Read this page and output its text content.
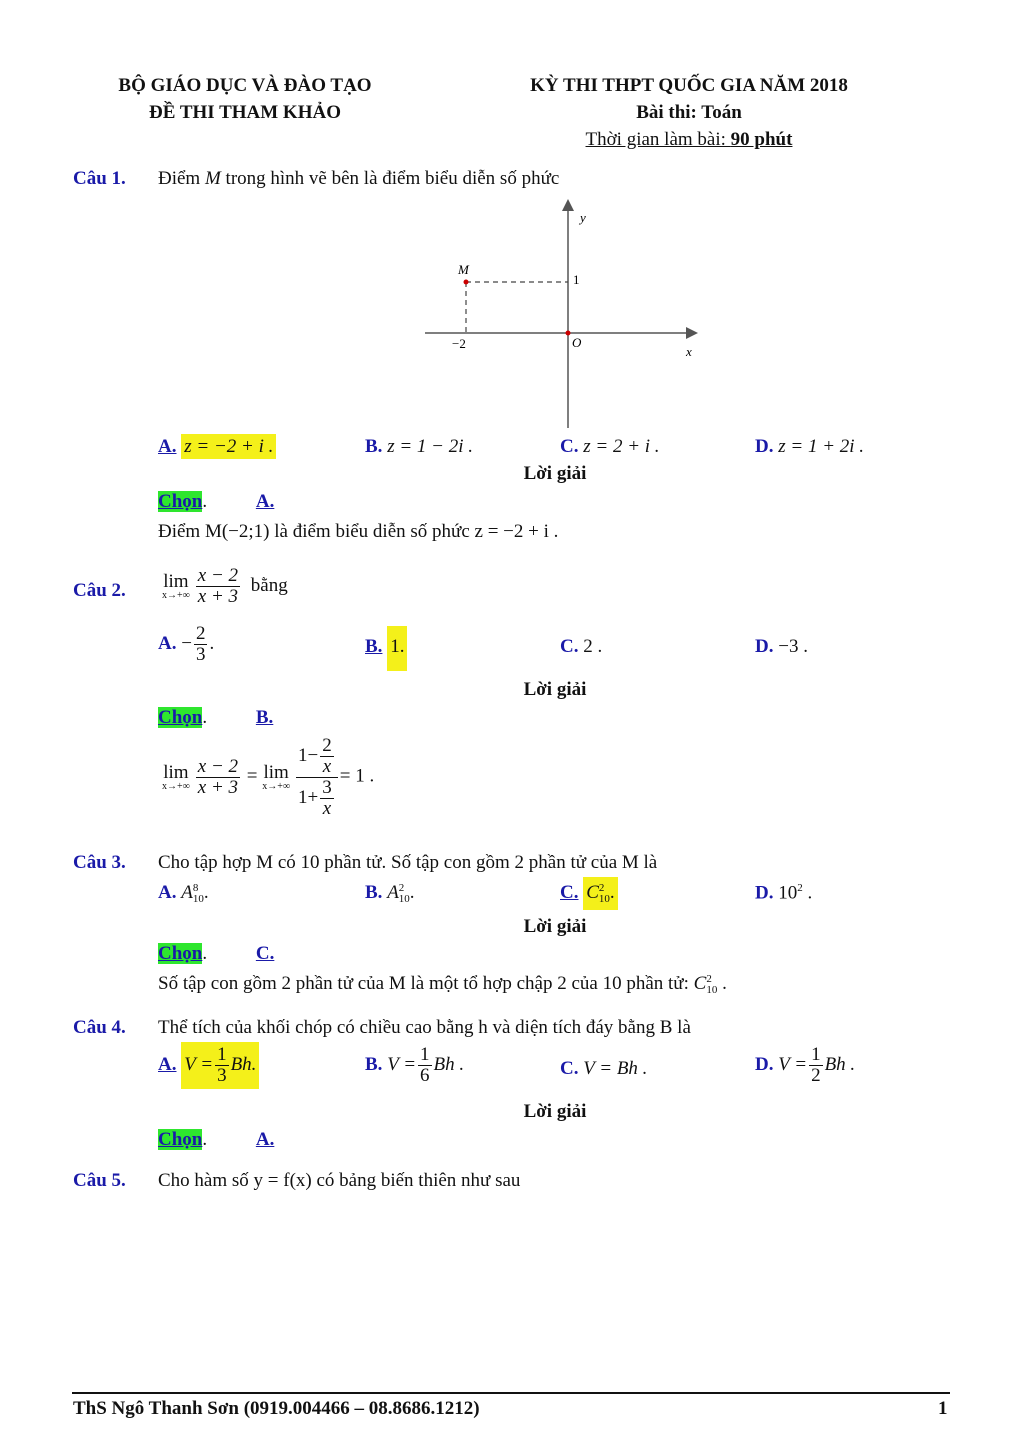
BỘ GIÁO DỤC VÀ ĐÀO TẠO
ĐỀ THI THAM KHẢO
KỲ THI THPT QUỐC GIA NĂM 2018
Bài thi: Toán
Thời gian làm bài: 90 phút
Câu 1. Điểm M trong hình vẽ bên là điểm biểu diễn số phức
y
x
O
M
−2
1
A. z = −2 + i .	B. z = 1 − 2i .	C. z = 2 + i .	D. z = 1 + 2i .
Lời giải
Chọn.	A.
Điểm M(−2;1) là điểm biểu diễn số phức z = −2 + i .
Câu 2. lim
$x\to+\infty \frac{x - 2}{x + 3}$ bằng
A. − $\frac{2}{3}$ .	B. 1.	C. 2 .	D. −3 .
Lời giải
Chọn.	B.
lim
$x\to+\infty \frac{x - 2}{x + 3} = \lim$
$x\to+\infty \frac{1- \frac{2}{x}}{1+ \frac{3}{x}} = 1$ .
Câu 3. Cho tập hợp M có 10 phần tử. Số tập con gồm 2 phần tử của M là
A. A 8
10 .	B. A 2
10 .	C. C 2
10 .	D. $10^2$ .
Lời giải
Chọn.	C.
Số tập con gồm 2 phần tử của M là một tổ hợp chập 2 của 10 phần tử: C 2
10 .
Câu 4. Thể tích của khối chóp có chiều cao bằng h và diện tích đáy bằng B là
A. $V = \frac{1}{3} Bh$.	B. $V = \frac{1}{6}$ Bh .	C. V = Bh .	D. $V = \frac{1}{2}$ Bh .
Lời giải
Chọn.	A.
Câu 5. Cho hàm số y = f(x) có bảng biến thiên như sau
ThS Ngô Thanh Sơn (0919.004466 – 08.8686.1212)	1
